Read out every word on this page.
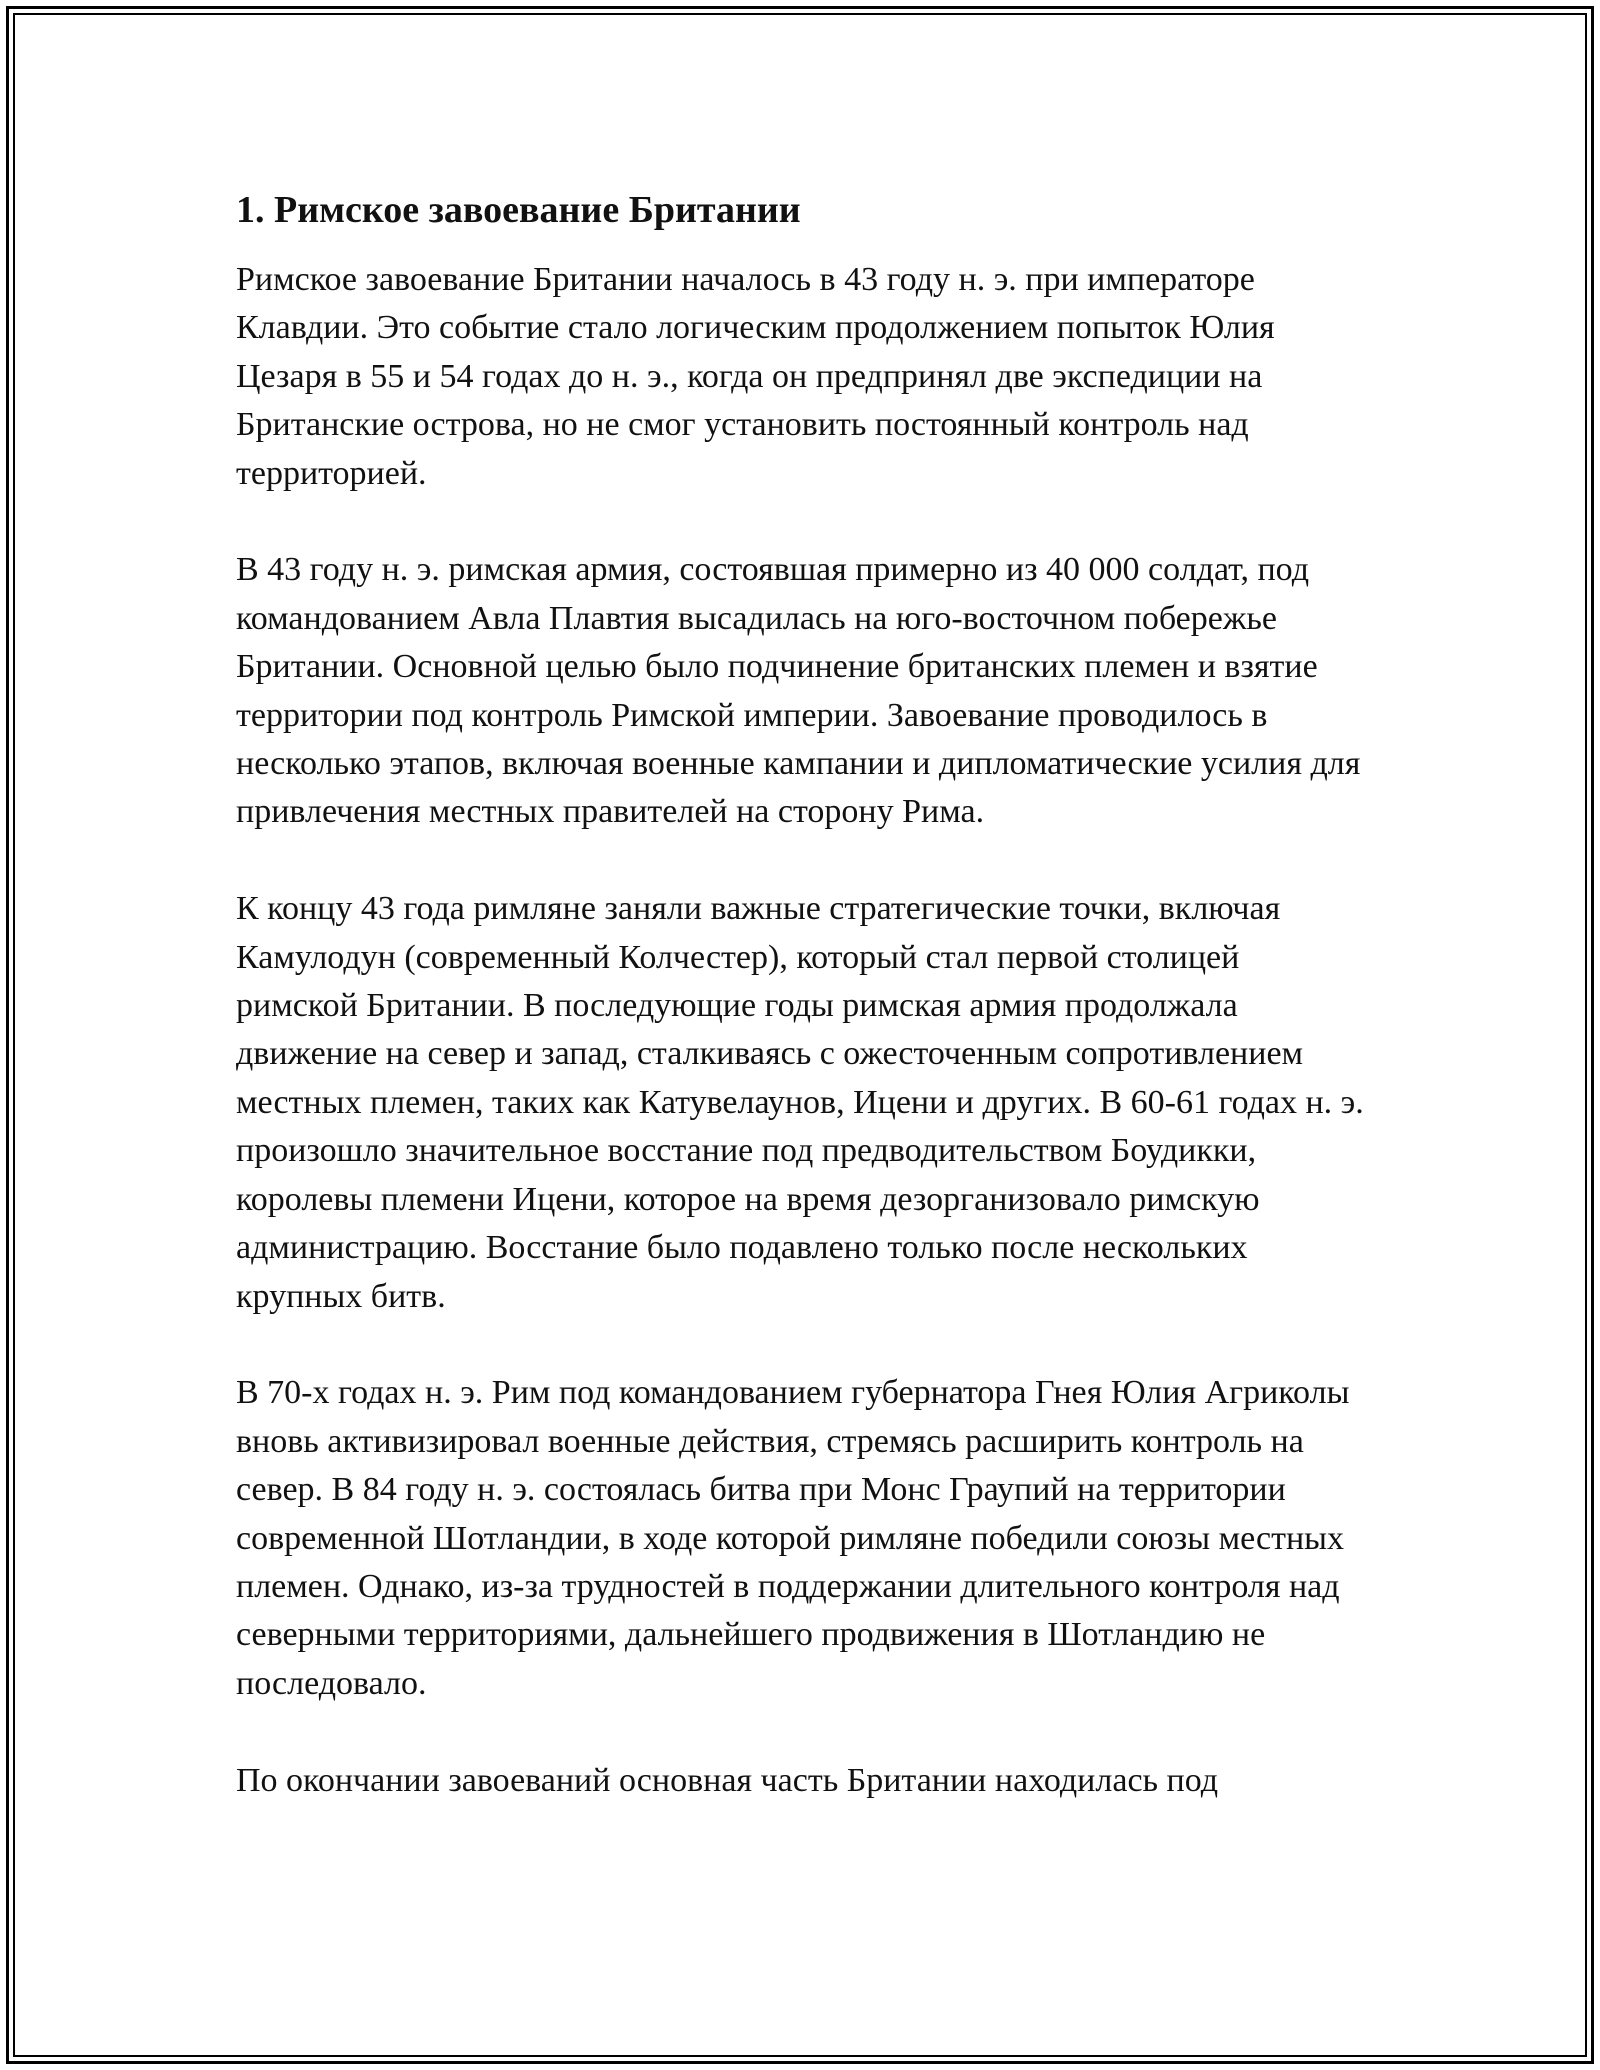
1. Римское завоевание Британии

Римское завоевание Британии началось в 43 году н. э. при императоре Клавдии. Это событие стало логическим продолжением попыток Юлия Цезаря в 55 и 54 годах до н. э., когда он предпринял две экспедиции на Британские острова, но не смог установить постоянный контроль над территорией.

В 43 году н. э. римская армия, состоявшая примерно из 40 000 солдат, под командованием Авла Плавтия высадилась на юго-восточном побережье Британии. Основной целью было подчинение британских племен и взятие территории под контроль Римской империи. Завоевание проводилось в несколько этапов, включая военные кампании и дипломатические усилия для привлечения местных правителей на сторону Рима.

К концу 43 года римляне заняли важные стратегические точки, включая Камулодун (современный Колчестер), который стал первой столицей римской Британии. В последующие годы римская армия продолжала движение на север и запад, сталкиваясь с ожесточенным сопротивлением местных племен, таких как Катувелаунов, Ицени и других. В 60-61 годах н. э. произошло значительное восстание под предводительством Боудикки, королевы племени Ицени, которое на время дезорганизовало римскую администрацию. Восстание было подавлено только после нескольких крупных битв.

В 70-х годах н. э. Рим под командованием губернатора Гнея Юлия Агриколы вновь активизировал военные действия, стремясь расширить контроль на север. В 84 году н. э. состоялась битва при Монс Граупий на территории современной Шотландии, в ходе которой римляне победили союзы местных племен. Однако, из-за трудностей в поддержании длительного контроля над северными территориями, дальнейшего продвижения в Шотландию не последовало.

По окончании завоеваний основная часть Британии находилась под
